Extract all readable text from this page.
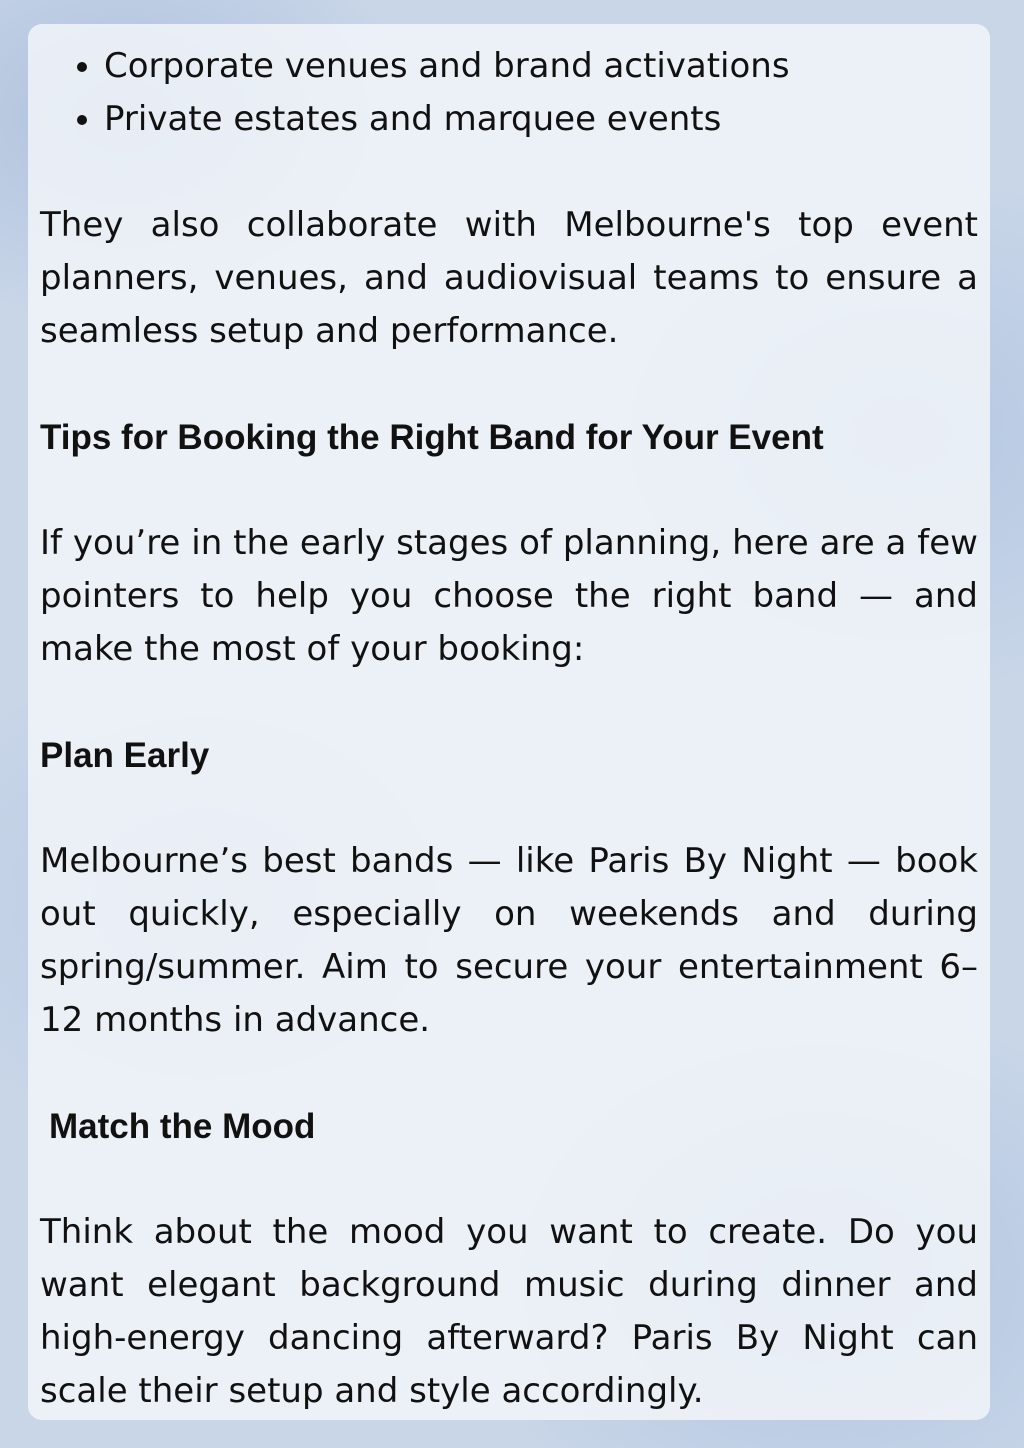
• Corporate venues and brand activations
• Private estates and marquee events

They also collaborate with Melbourne's top event planners, venues, and audiovisual teams to ensure a seamless setup and performance.

Tips for Booking the Right Band for Your Event

If you’re in the early stages of planning, here are a few pointers to help you choose the right band — and make the most of your booking:

Plan Early

Melbourne’s best bands — like Paris By Night — book out quickly, especially on weekends and during spring/summer. Aim to secure your entertainment 6–12 months in advance.

Match the Mood

Think about the mood you want to create. Do you want elegant background music during dinner and high-energy dancing afterward? Paris By Night can scale their setup and style accordingly.
